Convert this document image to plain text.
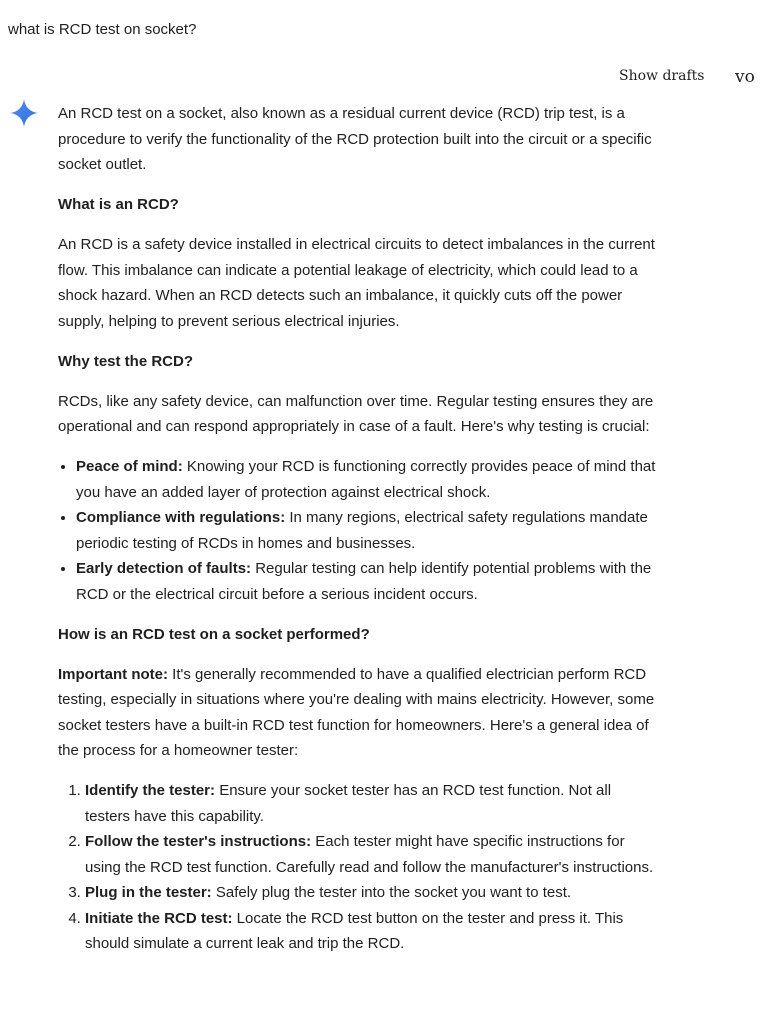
what is RCD test on socket?
Show drafts vo

An RCD test on a socket, also known as a residual current device (RCD) trip test, is a procedure to verify the functionality of the RCD protection built into the circuit or a specific socket outlet.

What is an RCD?

An RCD is a safety device installed in electrical circuits to detect imbalances in the current flow. This imbalance can indicate a potential leakage of electricity, which could lead to a shock hazard. When an RCD detects such an imbalance, it quickly cuts off the power supply, helping to prevent serious electrical injuries.

Why test the RCD?

RCDs, like any safety device, can malfunction over time. Regular testing ensures they are operational and can respond appropriately in case of a fault. Here's why testing is crucial:

• Peace of mind: Knowing your RCD is functioning correctly provides peace of mind that you have an added layer of protection against electrical shock.
• Compliance with regulations: In many regions, electrical safety regulations mandate periodic testing of RCDs in homes and businesses.
• Early detection of faults: Regular testing can help identify potential problems with the RCD or the electrical circuit before a serious incident occurs.

How is an RCD test on a socket performed?

Important note: It's generally recommended to have a qualified electrician perform RCD testing, especially in situations where you're dealing with mains electricity. However, some socket testers have a built-in RCD test function for homeowners. Here's a general idea of the process for a homeowner tester:

1. Identify the tester: Ensure your socket tester has an RCD test function. Not all testers have this capability.
2. Follow the tester's instructions: Each tester might have specific instructions for using the RCD test function. Carefully read and follow the manufacturer's instructions.
3. Plug in the tester: Safely plug the tester into the socket you want to test.
4. Initiate the RCD test: Locate the RCD test button on the tester and press it. This should simulate a current leak and trip the RCD.
